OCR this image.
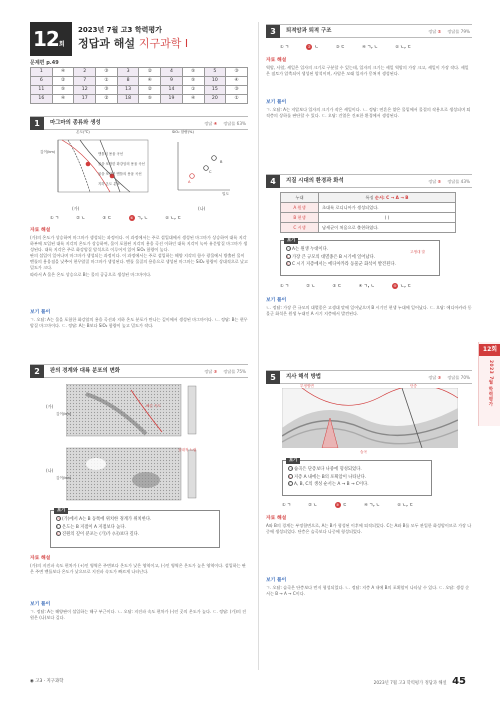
12회
2023년 7월 고3 학력평가
정답과 해설 지구과학 I
문제편 p.49
1	④	2	③	3	②	4	⑤	5	③
6	②	7	①	8	④	9	⑤	10	④
11	⑤	12	③	13	②	14	①	15	③
16	④	17	②	18	⑤	19	④	20	①
1	마그마의 종류와 생성	정답 ④ 정답률 63%
(가)
깊이(km)
온도(℃)
맨틀의 용융 곡선
물을 포함한 화강암의 용융 곡선
물을 포함한 맨틀의 용융 곡선
지하 온도 분포
SiO₂ 함량(%)
A
B
C
밀도
(나)
① ㄱ	② ㄴ	③ ㄷ	④ ㄱ, ㄴ	⑤ ㄴ, ㄷ
자료 해설

(가)의 온도가 상승하여 마그마가 생성되는 과정이다. 이 과정에서는 주로 섭입대에서 생성된 마그마가 상승하여 대륙 지각 하부에 모입된 대륙 지각의 온도가 상승하여, 물이 포함된 지각의 용융 곡선 이하인 대륙 지각이 녹아 유문암질 마그마가 생성된다. 대륙 지각은 주로 화강암질 암석으로 이루어져 있어 SiO₂ 함량이 높다.

판의 섭입이 일어나며 마그마가 생성되는 과정이다. 이 과정에서는 주로 섭입하는 해양 지각의 함수 광물에서 방출된 물이 맨틀의 용융점을 낮추어 현무암질 마그마가 생성된다. 맨틀 물질의 용융으로 생성된 마그마는 SiO₂ 함량이 상대적으로 낮고 밀도가 크다.

따라서 A 물은 온도 상승으로 B는 물의 공급으로 생성된 마그마이다.

보기 풀이
ㄱ. 오답: A는 물을 포함한 화강암의 용융 곡선과 지하 온도 분포가 만나는 깊이에서 생성된 마그마이다. ㄴ. 정답: B는 현무암질 마그마이다. ㄷ. 정답: A는 B보다 SiO₂ 함량이 높고 밀도가 작다.
2	판의 경계와 대륙 분포의 변화	정답 ③ 정답률 75%
(가)
깊이(km)
(나)
깊이(km)
빠른 속도
상대적 느림
보기
ㄱ (가)에서 A는 B 동쪽에 위치한 경계가 위치한다.
ㄴ 온도는 B 지점이 A 지점보다 높다.
ㄷ 진원의 깊이 분포는 (가)가 (나)보다 깊다.
자료 해설
(가)의 지진파 속도 편차가 (+)인 영역은 주변보다 온도가 낮은 영역이고, (-)인 영역은 온도가 높은 영역이다. 섭입하는 판은 주변 맨틀보다 온도가 낮으므로 지진파 속도가 빠르게 나타난다.
보기 풀이
ㄱ. 정답: A는 해양판이 섭입하는 해구 부근이다. ㄴ. 오답: 지진파 속도 편차가 (-)인 곳의 온도가 높다. ㄷ. 정답: (가)의 진원은 (나)보다 깊다.
3	퇴적암과 퇴적 구조	정답 ② 정답률 79%
① ㄱ	② ㄴ	③ ㄷ	④ ㄱ, ㄴ	⑤ ㄴ, ㄷ
자료 해설
역암, 사암, 셰일은 입자의 크기로 구분할 수 있는데, 입자의 크기는 셰일 역암의 가장 크고, 셰일이 가장 작다. 셰일은 점토가 압축되어 생성된 암석이며, 사암은 모래 입자가 뭉쳐져 생성된다.
보기 풀이
ㄱ. 오답: A는 저압보다 입자의 크기가 작은 셰일이다. ㄴ. 정답: 연흔은 얕은 물밑에서 물결의 작용으로 생성되며 퇴적층의 상하를 판단할 수 있다. ㄷ. 오답: 건열은 건조한 환경에서 생성된다.
4	지질 시대의 환경과 화석	정답 ⑤ 정답률 43%
누대	특징 순서: C → A → B
A 원생	초대륙 로디니아가 생성되었다.
B 현생	( )
C 시생	남세균이 처음으로 출현하였다.
보기
ㄱ A는 원생 누대이다.
ㄴ 가장 큰 규모의 대멸종은 B 시기에 일어났다.
ㄷ C 시기 지층에서는 에디아카라 동물군 화석이 발견된다.
고생대 말
① ㄱ	② ㄴ	③ ㄷ	④ ㄱ, ㄴ	⑤ ㄴ, ㄷ
보기 풀이
ㄴ. 정답: 가장 큰 규모의 대멸종은 고생대 말에 일어났으며 B 시기인 현생 누대에 일어났다. ㄷ. 오답: 에디아카라 동물군 화석은 원생 누대인 A 시기 지층에서 발견된다.
5	지사 해석 방법	정답 ③ 정답률 70%
부정합면	단층
습곡
보기
ㄱ 습곡은 단층보다 나중에 형성되었다.
ㄴ 지층 A 내에는 B의 포획암이 나타난다.
ㄷ A, B, C의 생성 순서는 A → B → C이다.
① ㄱ	② ㄴ	③ ㄷ	④ ㄱ, ㄴ	⑤ ㄴ, ㄷ
자료 해설
A와 B의 경계는 부정합면으로, A는 B가 형성된 이후에 퇴적되었다. C는 A와 B를 모두 관입한 화성암이므로 가장 나중에 생성되었다. 단층은 습곡보다 나중에 형성되었다.
보기 풀이
ㄱ. 오답: 습곡은 단층보다 먼저 형성되었다. ㄴ. 정답: 지층 A 내에 B의 포획암이 나타날 수 있다. ㄷ. 오답: 생성 순서는 B → A → C이다.
12회
2023 7월 학력평가
◉ 고3 · 지구과학	2023년 7월 고3 학력평가 정답과 해설 45
